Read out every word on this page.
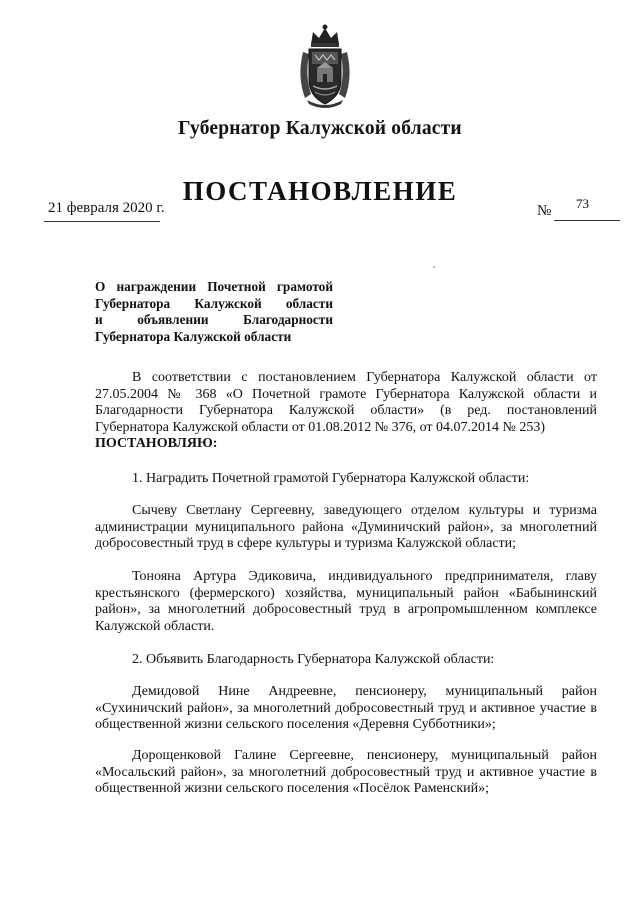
Губернатор Калужской области
ПОСТАНОВЛЕНИЕ
21 февраля 2020 г.	№ 73
О награждении Почетной грамотой
Губернатора Калужской области
и объявлении Благодарности
Губернатора Калужской области
В соответствии с постановлением Губернатора Калужской области от 27.05.2004 № 368 «О Почетной грамоте Губернатора Калужской области и Благодарности Губернатора Калужской области» (в ред. постановлений Губернатора Калужской области от 01.08.2012 № 376, от 04.07.2014 № 253)
ПОСТАНОВЛЯЮ:
1. Наградить Почетной грамотой Губернатора Калужской области:
Сычеву Светлану Сергеевну, заведующего отделом культуры и туризма администрации муниципального района «Думиничский район», за многолетний добросовестный труд в сфере культуры и туризма Калужской области;
Тонояна Артура Эдиковича, индивидуального предпринимателя, главу крестьянского (фермерского) хозяйства, муниципальный район «Бабынинский район», за многолетний добросовестный труд в агропромышленном комплексе Калужской области.
2. Объявить Благодарность Губернатора Калужской области:
Демидовой Нине Андреевне, пенсионеру, муниципальный район «Сухиничский район», за многолетний добросовестный труд и активное участие в общественной жизни сельского поселения «Деревня Субботники»;
Дорощенковой Галине Сергеевне, пенсионеру, муниципальный район «Мосальский район», за многолетний добросовестный труд и активное участие в общественной жизни сельского поселения «Посёлок Раменский»;
